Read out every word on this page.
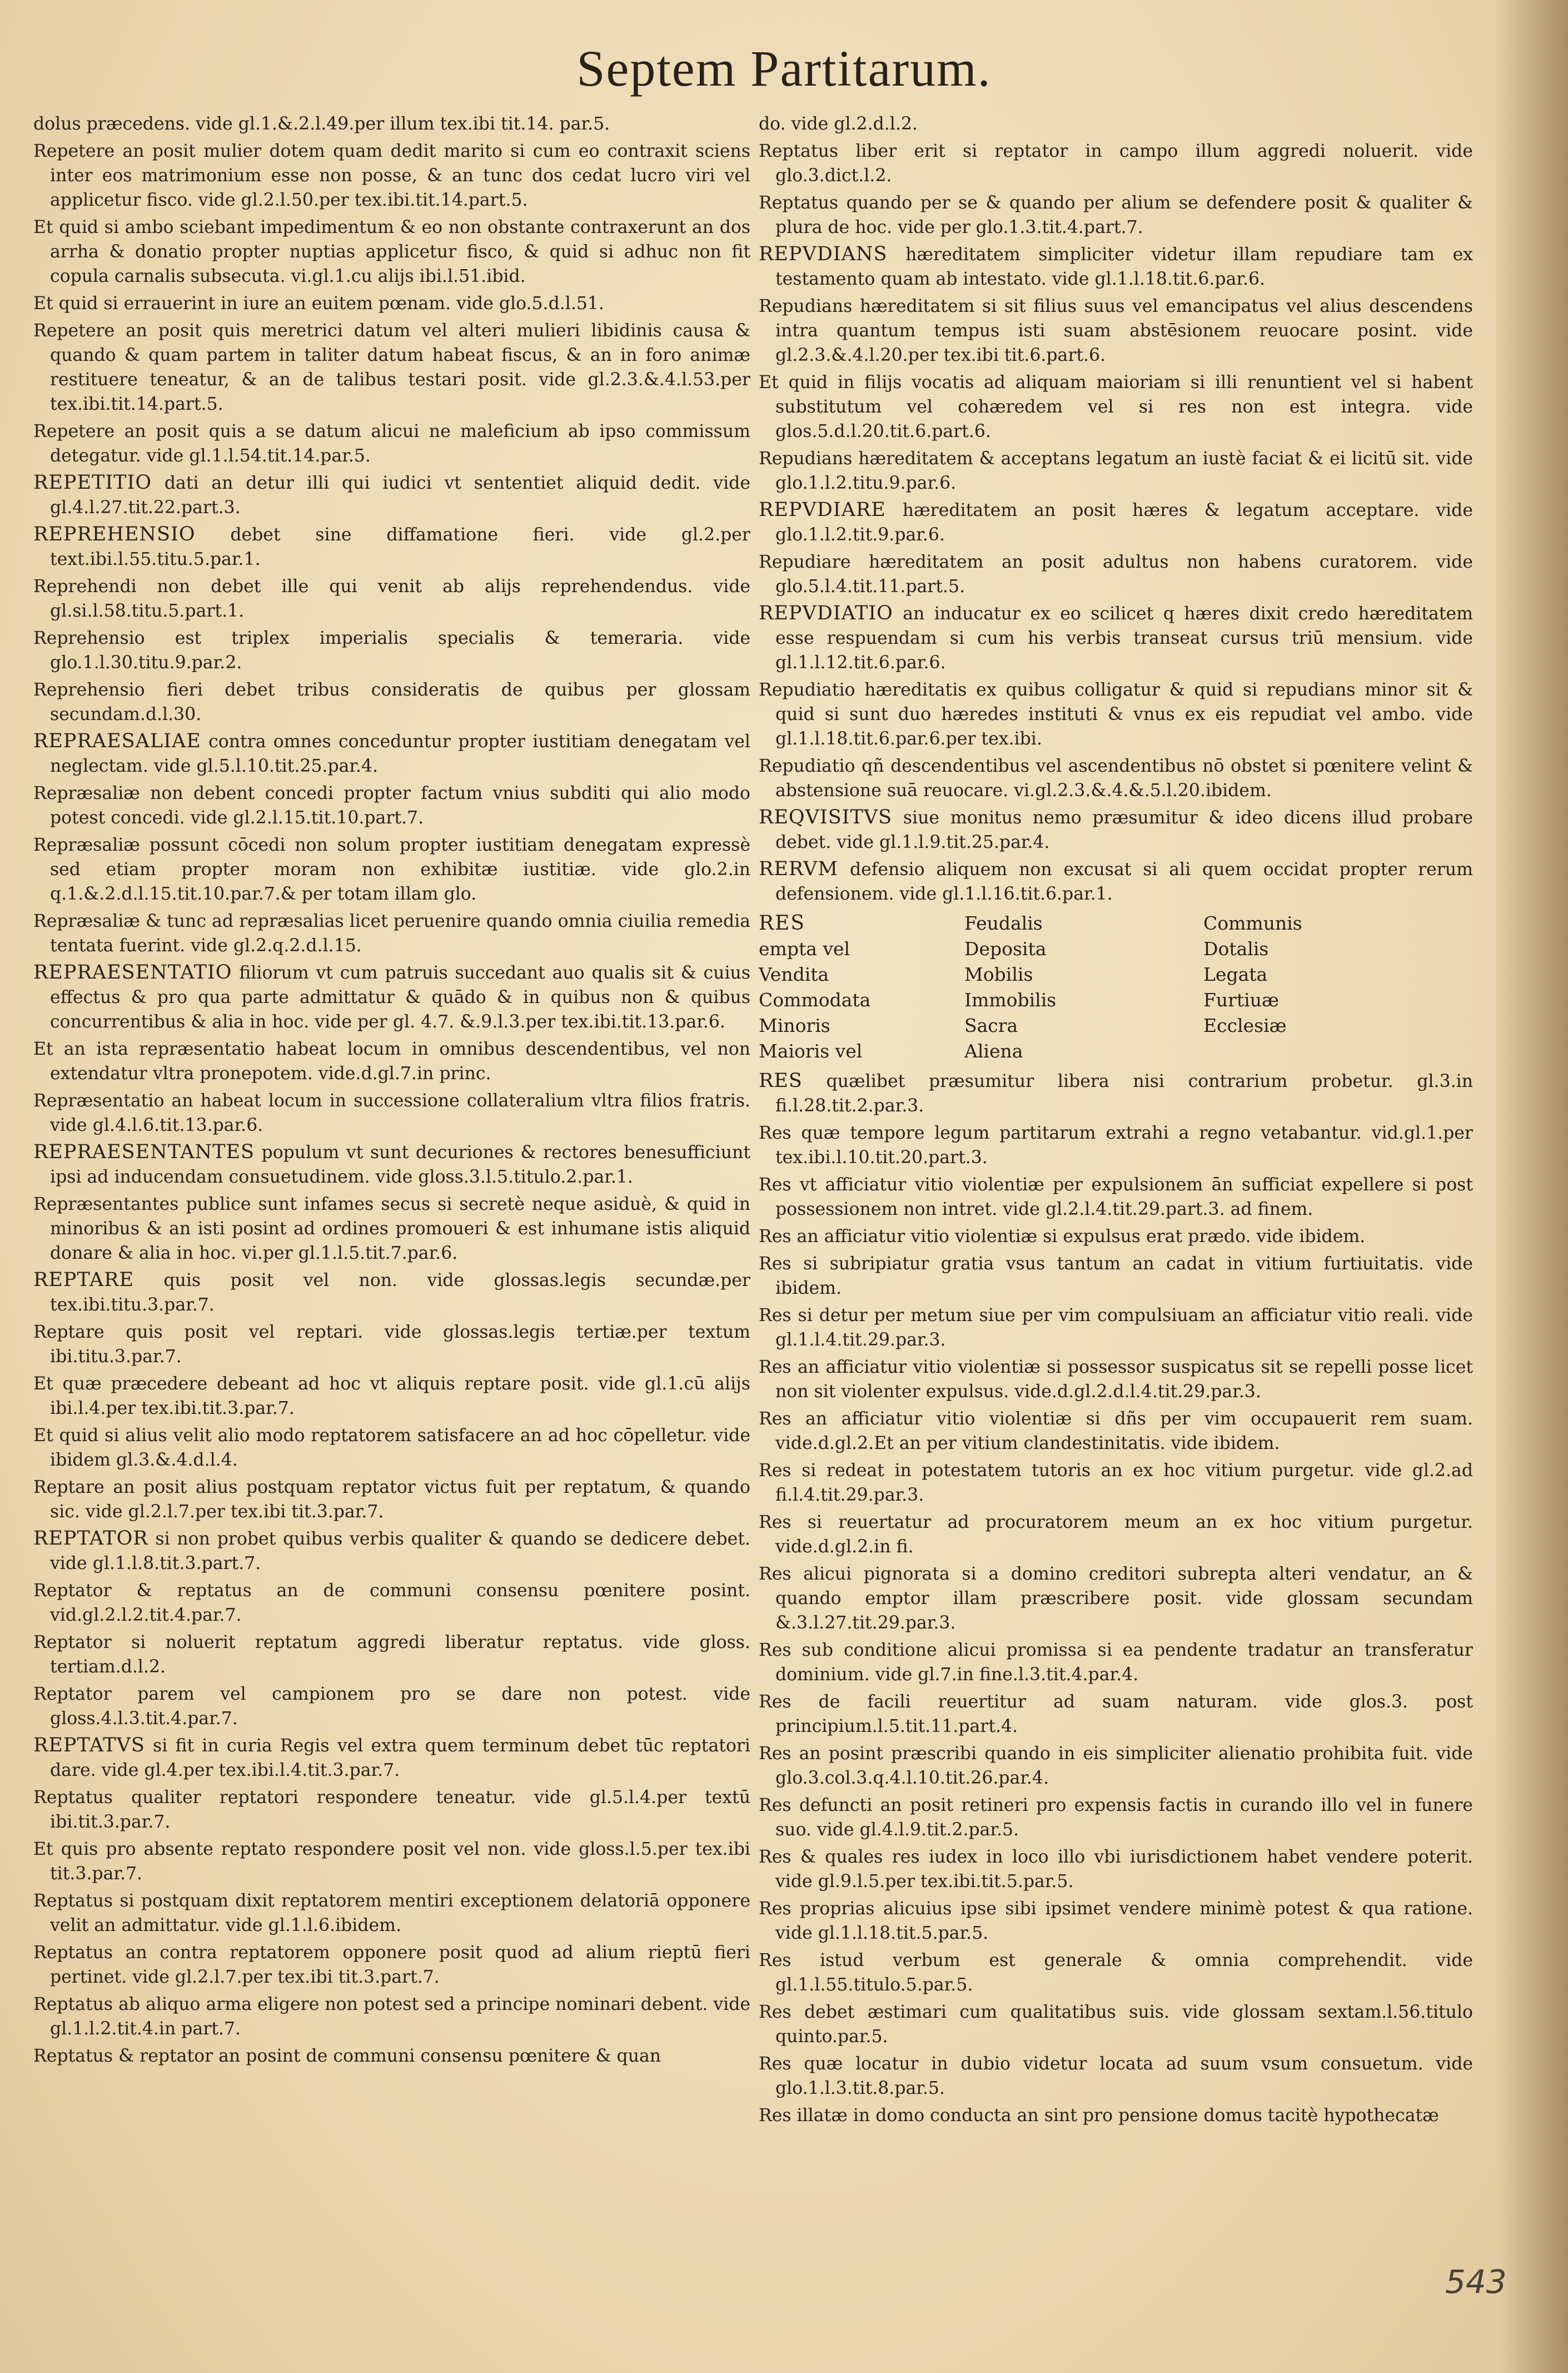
Septem Partitarum.
dolus præcedens. vide gl.1.&.2.l.49.per illum tex.ibi tit.14. par.5.
Repetere an posit mulier dotem quam dedit marito si cum eo contraxit sciens inter eos matrimonium esse non posse, & an tunc dos cedat lucro viri vel applicetur fisco. vide gl.2.l.50.per tex.ibi.tit.14.part.5.
Et quid si ambo sciebant impedimentum & eo non obstante contraxerunt an dos arrha & donatio propter nuptias applicetur fisco, & quid si adhuc non fit copula carnalis subsecuta. vi.gl.1.cu alijs ibi.l.51.ibid.
Et quid si errauerint in iure an euitem pœnam. vide glo.5.d.l.51.
Repetere an posit quis meretrici datum vel alteri mulieri libidinis causa & quando & quam partem in taliter datum habeat fiscus, & an in foro animæ restituere teneatur, & an de talibus testari posit. vide gl.2.3.&.4.l.53.per tex.ibi.tit.14.part.5.
Repetere an posit quis a se datum alicui ne maleficium ab ipso commissum detegatur. vide gl.1.l.54.tit.14.par.5.
REPETITIO dati an detur illi qui iudici vt sententiet aliquid dedit. vide gl.4.l.27.tit.22.part.3.
REPREHENSIO debet sine diffamatione fieri. vide gl.2.per text.ibi.l.55.titu.5.par.1.
Reprehendi non debet ille qui venit ab alijs reprehendendus. vide gl.si.l.58.titu.5.part.1.
Reprehensio est triplex imperialis specialis & temeraria. vide glo.1.l.30.titu.9.par.2.
Reprehensio fieri debet tribus consideratis de quibus per glossam secundam.d.l.30.
REPRAESALIAE contra omnes conceduntur propter iustitiam denegatam vel neglectam. vide gl.5.l.10.tit.25.par.4.
Repræsaliæ non debent concedi propter factum vnius subditi qui alio modo potest concedi. vide gl.2.l.15.tit.10.part.7.
Repræsaliæ possunt cōcedi non solum propter iustitiam denegatam expressè sed etiam propter moram non exhibitæ iustitiæ. vide glo.2.in q.1.&.2.d.l.15.tit.10.par.7.& per totam illam glo.
Repræsaliæ & tunc ad repræsalias licet peruenire quando omnia ciuilia remedia tentata fuerint. vide gl.2.q.2.d.l.15.
REPRAESENTATIO filiorum vt cum patruis succedant auo qualis sit & cuius effectus & pro qua parte admittatur & quādo & in quibus non & quibus concurrentibus & alia in hoc. vide per gl. 4.7. &.9.l.3.per tex.ibi.tit.13.par.6.
Et an ista repræsentatio habeat locum in omnibus descendentibus, vel non extendatur vltra pronepotem. vide.d.gl.7.in princ.
Repræsentatio an habeat locum in successione collateralium vltra filios fratris. vide gl.4.l.6.tit.13.par.6.
REPRAESENTANTES populum vt sunt decuriones & rectores benesufficiunt ipsi ad inducendam consuetudinem. vide gloss.3.l.5.titulo.2.par.1.
Repræsentantes publice sunt infames secus si secretè neque asiduè, & quid in minoribus & an isti posint ad ordines promoueri & est inhumane istis aliquid donare & alia in hoc. vi.per gl.1.l.5.tit.7.par.6.
REPTARE quis posit vel non. vide glossas.legis secundæ.per tex.ibi.titu.3.par.7.
Reptare quis posit vel reptari. vide glossas.legis tertiæ.per textum ibi.titu.3.par.7.
Et quæ præcedere debeant ad hoc vt aliquis reptare posit. vide gl.1.cū alijs ibi.l.4.per tex.ibi.tit.3.par.7.
Et quid si alius velit alio modo reptatorem satisfacere an ad hoc cōpelletur. vide ibidem gl.3.&.4.d.l.4.
Reptare an posit alius postquam reptator victus fuit per reptatum, & quando sic. vide gl.2.l.7.per tex.ibi tit.3.par.7.
REPTATOR si non probet quibus verbis qualiter & quando se dedicere debet. vide gl.1.l.8.tit.3.part.7.
Reptator & reptatus an de communi consensu pœnitere posint. vid.gl.2.l.2.tit.4.par.7.
Reptator si noluerit reptatum aggredi liberatur reptatus. vide gloss. tertiam.d.l.2.
Reptator parem vel campionem pro se dare non potest. vide gloss.4.l.3.tit.4.par.7.
REPTATVS si fit in curia Regis vel extra quem terminum debet tūc reptatori dare. vide gl.4.per tex.ibi.l.4.tit.3.par.7.
Reptatus qualiter reptatori respondere teneatur. vide gl.5.l.4.per textū ibi.tit.3.par.7.
Et quis pro absente reptato respondere posit vel non. vide gloss.l.5.per tex.ibi tit.3.par.7.
Reptatus si postquam dixit reptatorem mentiri exceptionem delatoriā opponere velit an admittatur. vide gl.1.l.6.ibidem.
Reptatus an contra reptatorem opponere posit quod ad alium rieptū fieri pertinet. vide gl.2.l.7.per tex.ibi tit.3.part.7.
Reptatus ab aliquo arma eligere non potest sed a principe nominari debent. vide gl.1.l.2.tit.4.in part.7.
Reptatus & reptator an posint de communi consensu pœnitere & quan
do. vide gl.2.d.l.2.
Reptatus liber erit si reptator in campo illum aggredi noluerit. vide glo.3.dict.l.2.
Reptatus quando per se & quando per alium se defendere posit & qualiter & plura de hoc. vide per glo.1.3.tit.4.part.7.
REPVDIANS hæreditatem simpliciter videtur illam repudiare tam ex testamento quam ab intestato. vide gl.1.l.18.tit.6.par.6.
Repudians hæreditatem si sit filius suus vel emancipatus vel alius descendens intra quantum tempus isti suam abstēsionem reuocare posint. vide gl.2.3.&.4.l.20.per tex.ibi tit.6.part.6.
Et quid in filijs vocatis ad aliquam maioriam si illi renuntient vel si habent substitutum vel cohæredem vel si res non est integra. vide glos.5.d.l.20.tit.6.part.6.
Repudians hæreditatem & acceptans legatum an iustè faciat & ei licitū sit. vide glo.1.l.2.titu.9.par.6.
REPVDIARE hæreditatem an posit hæres & legatum acceptare. vide glo.1.l.2.tit.9.par.6.
Repudiare hæreditatem an posit adultus non habens curatorem. vide glo.5.l.4.tit.11.part.5.
REPVDIATIO an inducatur ex eo scilicet q hæres dixit credo hæreditatem esse respuendam si cum his verbis transeat cursus triū mensium. vide gl.1.l.12.tit.6.par.6.
Repudiatio hæreditatis ex quibus colligatur & quid si repudians minor sit & quid si sunt duo hæredes instituti & vnus ex eis repudiat vel ambo. vide gl.1.l.18.tit.6.par.6.per tex.ibi.
Repudiatio qñ descendentibus vel ascendentibus nō obstet si pœnitere velint & abstensione suā reuocare. vi.gl.2.3.&.4.&.5.l.20.ibidem.
REQVISITVS siue monitus nemo præsumitur & ideo dicens illud probare debet. vide gl.1.l.9.tit.25.par.4.
RERVM defensio aliquem non excusat si ali quem occidat propter rerum defensionem. vide gl.1.l.16.tit.6.par.1.
RES	Feudalis	Communis
empta vel	Deposita	Dotalis
Vendita	Mobilis	Legata
Commodata	Immobilis	Furtiuæ
Minoris	Sacra	Ecclesiæ
Maioris vel	Aliena
RES quælibet præsumitur libera nisi contrarium probetur. gl.3.in fi.l.28.tit.2.par.3.
Res quæ tempore legum partitarum extrahi a regno vetabantur. vid.gl.1.per tex.ibi.l.10.tit.20.part.3.
Res vt afficiatur vitio violentiæ per expulsionem ān sufficiat expellere si post possessionem non intret. vide gl.2.l.4.tit.29.part.3. ad finem.
Res an afficiatur vitio violentiæ si expulsus erat prædo. vide ibidem.
Res si subripiatur gratia vsus tantum an cadat in vitium furtiuitatis. vide ibidem.
Res si detur per metum siue per vim compulsiuam an afficiatur vitio reali. vide gl.1.l.4.tit.29.par.3.
Res an afficiatur vitio violentiæ si possessor suspicatus sit se repelli posse licet non sit violenter expulsus. vide.d.gl.2.d.l.4.tit.29.par.3.
Res an afficiatur vitio violentiæ si dñs per vim occupauerit rem suam. vide.d.gl.2.Et an per vitium clandestinitatis. vide ibidem.
Res si redeat in potestatem tutoris an ex hoc vitium purgetur. vide gl.2.ad fi.l.4.tit.29.par.3.
Res si reuertatur ad procuratorem meum an ex hoc vitium purgetur. vide.d.gl.2.in fi.
Res alicui pignorata si a domino creditori subrepta alteri vendatur, an & quando emptor illam præscribere posit. vide glossam secundam &.3.l.27.tit.29.par.3.
Res sub conditione alicui promissa si ea pendente tradatur an transferatur dominium. vide gl.7.in fine.l.3.tit.4.par.4.
Res de facili reuertitur ad suam naturam. vide glos.3. post principium.l.5.tit.11.part.4.
Res an posint præscribi quando in eis simpliciter alienatio prohibita fuit. vide glo.3.col.3.q.4.l.10.tit.26.par.4.
Res defuncti an posit retineri pro expensis factis in curando illo vel in funere suo. vide gl.4.l.9.tit.2.par.5.
Res & quales res iudex in loco illo vbi iurisdictionem habet vendere poterit. vide gl.9.l.5.per tex.ibi.tit.5.par.5.
Res proprias alicuius ipse sibi ipsimet vendere minimè potest & qua ratione. vide gl.1.l.18.tit.5.par.5.
Res istud verbum est generale & omnia comprehendit. vide gl.1.l.55.titulo.5.par.5.
Res debet æstimari cum qualitatibus suis. vide glossam sextam.l.56.titulo quinto.par.5.
Res quæ locatur in dubio videtur locata ad suum vsum consuetum. vide glo.1.l.3.tit.8.par.5.
Res illatæ in domo conducta an sint pro pensione domus tacitè hypothecatæ
543
